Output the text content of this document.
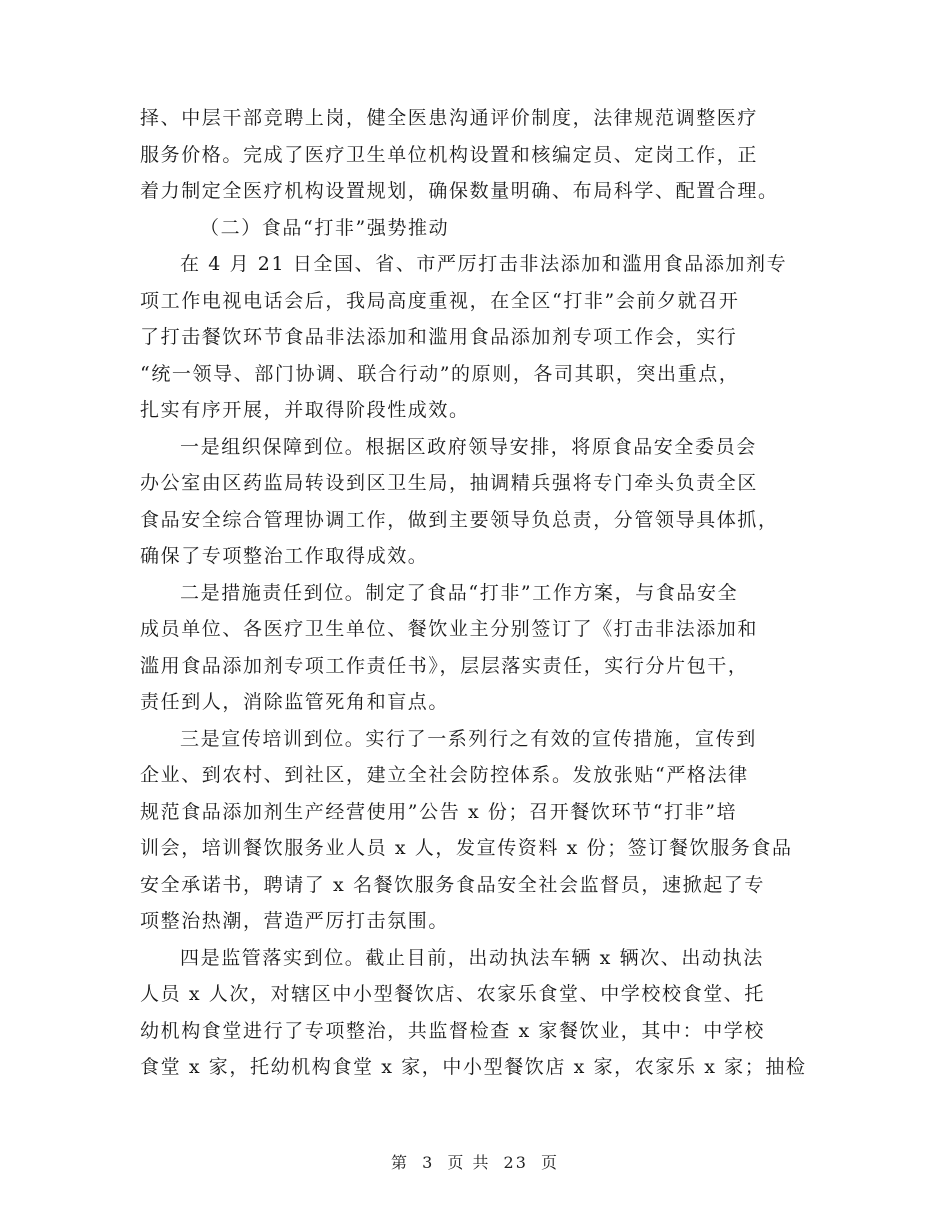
择、中层干部竞聘上岗，健全医患沟通评价制度，法律规范调整医疗
服务价格。完成了医疗卫生单位机构设置和核编定员、定岗工作，正
着力制定全医疗机构设置规划，确保数量明确、布局科学、配置合理。

（二）食品“打非”强势推动

在 4 月 21 日全国、省、市严厉打击非法添加和滥用食品添加剂专
项工作电视电话会后，我局高度重视，在全区“打非”会前夕就召开
了打击餐饮环节食品非法添加和滥用食品添加剂专项工作会，实行
“统一领导、部门协调、联合行动”的原则，各司其职，突出重点，
扎实有序开展，并取得阶段性成效。

一是组织保障到位。根据区政府领导安排，将原食品安全委员会
办公室由区药监局转设到区卫生局，抽调精兵强将专门牵头负责全区
食品安全综合管理协调工作，做到主要领导负总责，分管领导具体抓，
确保了专项整治工作取得成效。

二是措施责任到位。制定了食品“打非”工作方案，与食品安全
成员单位、各医疗卫生单位、餐饮业主分别签订了《打击非法添加和
滥用食品添加剂专项工作责任书》，层层落实责任，实行分片包干，
责任到人，消除监管死角和盲点。

三是宣传培训到位。实行了一系列行之有效的宣传措施，宣传到
企业、到农村、到社区，建立全社会防控体系。发放张贴“严格法律
规范食品添加剂生产经营使用”公告 x 份；召开餐饮环节“打非”培
训会，培训餐饮服务业人员 x 人，发宣传资料 x 份；签订餐饮服务食品
安全承诺书，聘请了 x 名餐饮服务食品安全社会监督员，速掀起了专
项整治热潮，营造严厉打击氛围。

四是监管落实到位。截止目前，出动执法车辆 x 辆次、出动执法
人员 x 人次，对辖区中小型餐饮店、农家乐食堂、中学校校食堂、托
幼机构食堂进行了专项整治，共监督检查 x 家餐饮业，其中：中学校
食堂 x 家，托幼机构食堂 x 家，中小型餐饮店 x 家，农家乐 x 家；抽检

第 3 页 共 23 页
